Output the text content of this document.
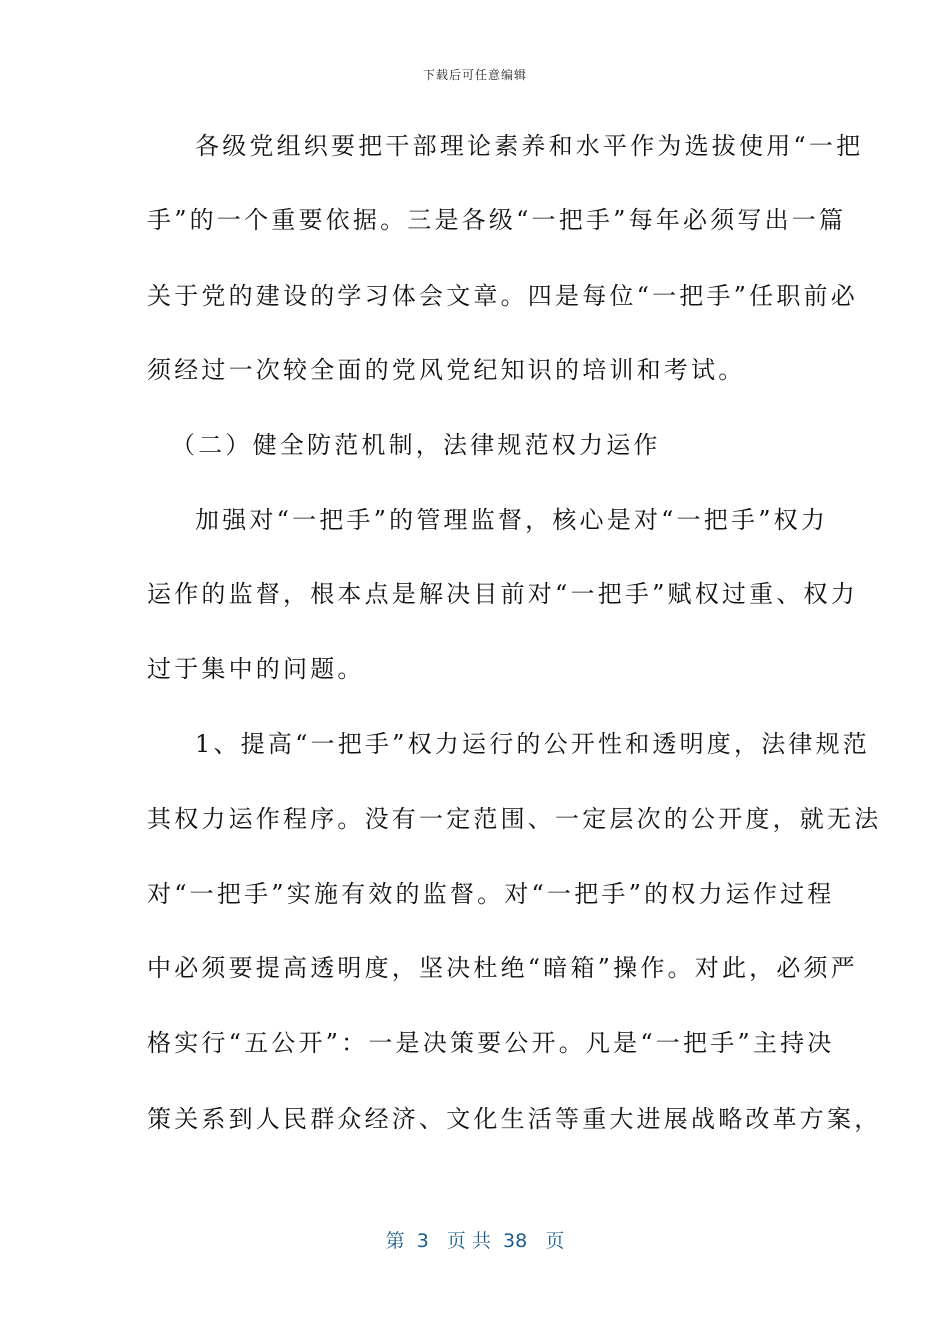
下载后可任意编辑
各级党组织要把干部理论素养和水平作为选拔使用“一把
手”的一个重要依据。三是各级“一把手”每年必须写出一篇
关于党的建设的学习体会文章。四是每位“一把手”任职前必
须经过一次较全面的党风党纪知识的培训和考试。
（二）健全防范机制，法律规范权力运作
加强对“一把手”的管理监督，核心是对“一把手”权力
运作的监督，根本点是解决目前对“一把手”赋权过重、权力
过于集中的问题。
1、提高“一把手”权力运行的公开性和透明度，法律规范
其权力运作程序。没有一定范围、一定层次的公开度，就无法
对“一把手”实施有效的监督。对“一把手”的权力运作过程
中必须要提高透明度，坚决杜绝“暗箱”操作。对此，必须严
格实行“五公开”：一是决策要公开。凡是“一把手”主持决
策关系到人民群众经济、文化生活等重大进展战略改革方案，
第  3   页 共  38   页
